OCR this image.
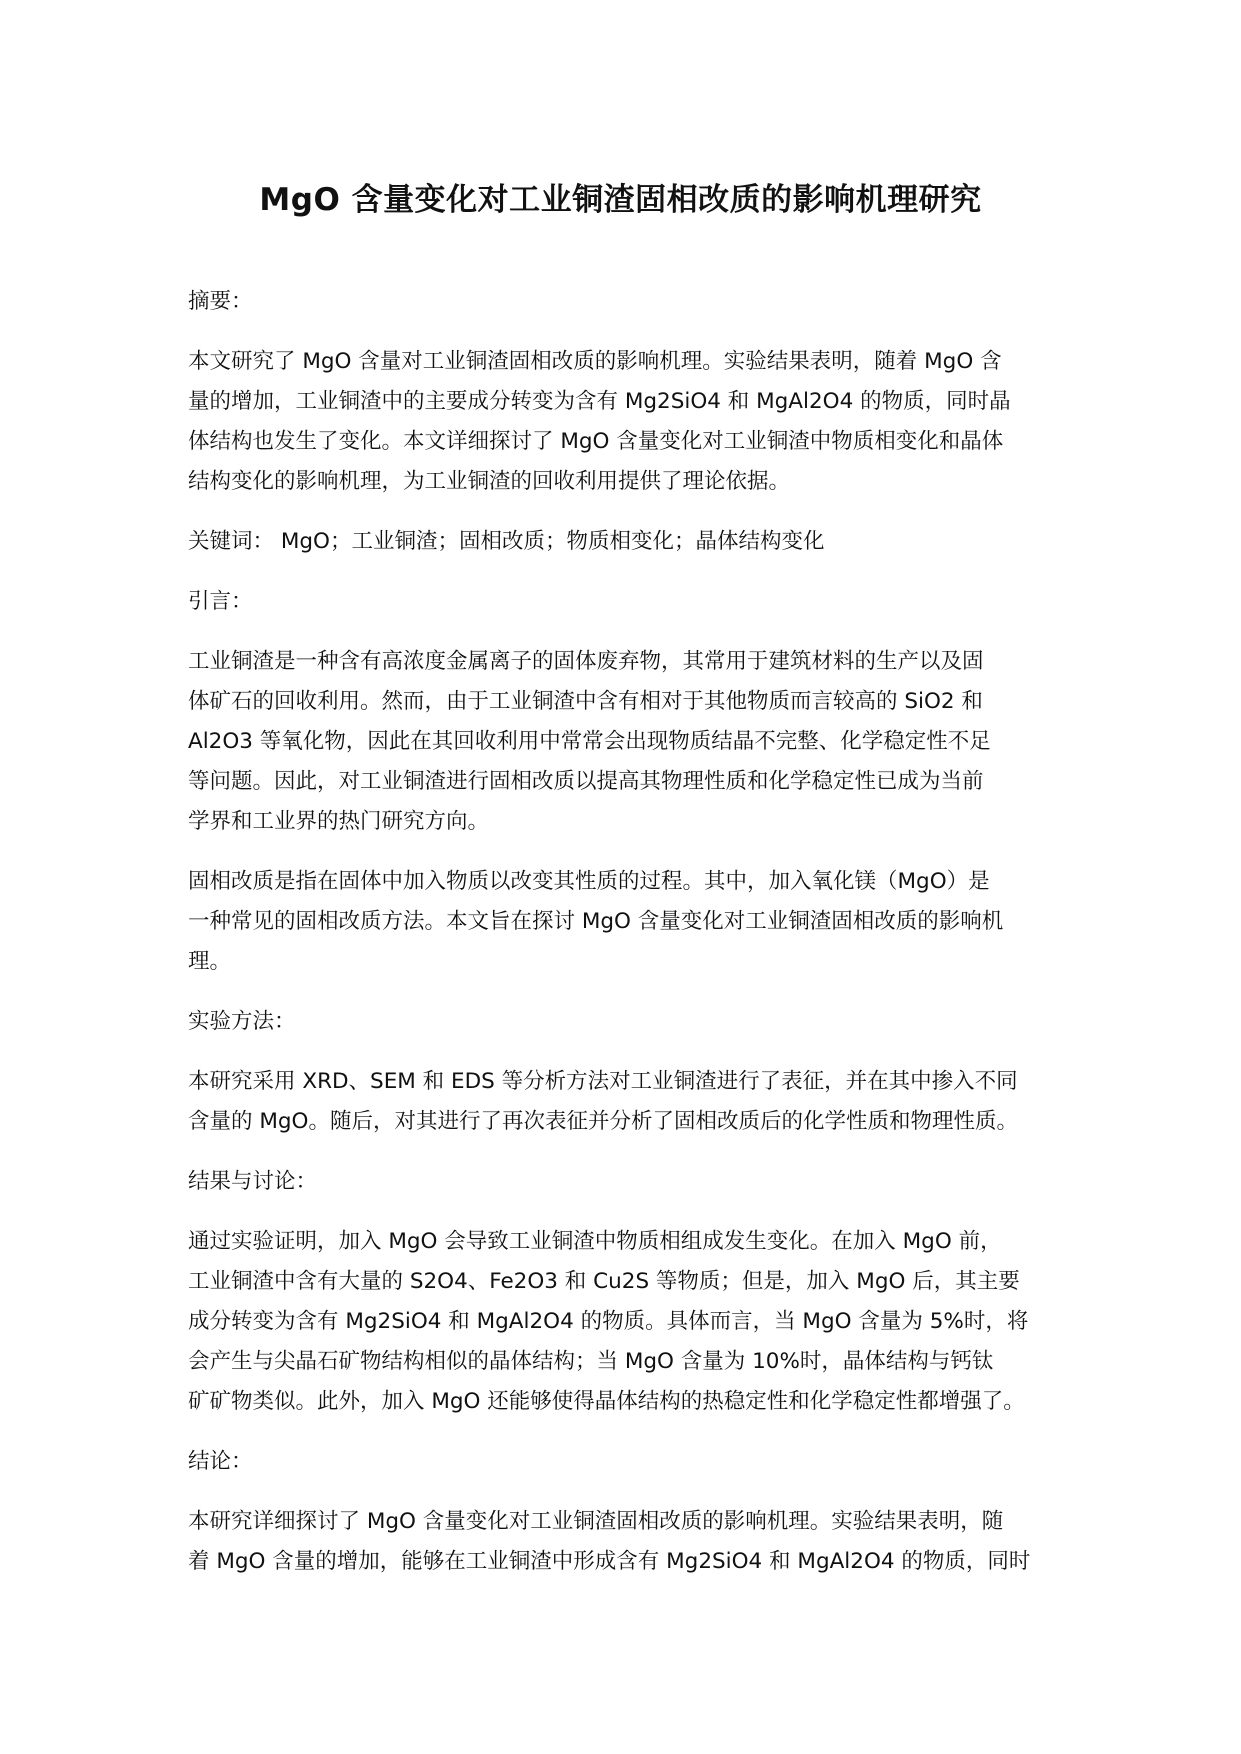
MgO 含量变化对工业铜渣固相改质的影响机理研究
摘要：
本文研究了 MgO 含量对工业铜渣固相改质的影响机理。实验结果表明，随着 MgO 含
量的增加，工业铜渣中的主要成分转变为含有 Mg2SiO4 和 MgAl2O4 的物质，同时晶
体结构也发生了变化。本文详细探讨了 MgO 含量变化对工业铜渣中物质相变化和晶体
结构变化的影响机理，为工业铜渣的回收利用提供了理论依据。
关键词： MgO；工业铜渣；固相改质；物质相变化；晶体结构变化
引言：
工业铜渣是一种含有高浓度金属离子的固体废弃物，其常用于建筑材料的生产以及固
体矿石的回收利用。然而，由于工业铜渣中含有相对于其他物质而言较高的 SiO2 和
Al2O3 等氧化物，因此在其回收利用中常常会出现物质结晶不完整、化学稳定性不足
等问题。因此，对工业铜渣进行固相改质以提高其物理性质和化学稳定性已成为当前
学界和工业界的热门研究方向。
固相改质是指在固体中加入物质以改变其性质的过程。其中，加入氧化镁（MgO）是
一种常见的固相改质方法。本文旨在探讨 MgO 含量变化对工业铜渣固相改质的影响机
理。
实验方法：
本研究采用 XRD、SEM 和 EDS 等分析方法对工业铜渣进行了表征，并在其中掺入不同
含量的 MgO。随后，对其进行了再次表征并分析了固相改质后的化学性质和物理性质。
结果与讨论：
通过实验证明，加入 MgO 会导致工业铜渣中物质相组成发生变化。在加入 MgO 前，
工业铜渣中含有大量的 S2O4、Fe2O3 和 Cu2S 等物质；但是，加入 MgO 后，其主要
成分转变为含有 Mg2SiO4 和 MgAl2O4 的物质。具体而言，当 MgO 含量为 5%时，将
会产生与尖晶石矿物结构相似的晶体结构；当 MgO 含量为 10%时，晶体结构与钙钛
矿矿物类似。此外，加入 MgO 还能够使得晶体结构的热稳定性和化学稳定性都增强了。
结论：
本研究详细探讨了 MgO 含量变化对工业铜渣固相改质的影响机理。实验结果表明，随
着 MgO 含量的增加，能够在工业铜渣中形成含有 Mg2SiO4 和 MgAl2O4 的物质，同时
